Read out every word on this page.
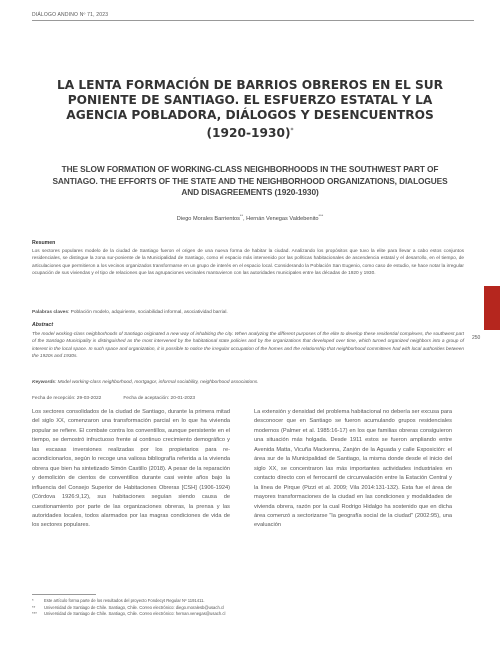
DIÁLOGO ANDINO Nº 71, 2023
LA LENTA FORMACIÓN DE BARRIOS OBREROS EN EL SUR PONIENTE DE SANTIAGO. EL ESFUERZO ESTATAL Y LA AGENCIA POBLADORA, DIÁLOGOS Y DESENCUENTROS (1920-1930)*
THE SLOW FORMATION OF WORKING-CLASS NEIGHBORHOODS IN THE SOUTHWEST PART OF SANTIAGO. THE EFFORTS OF THE STATE AND THE NEIGHBORHOOD ORGANIZATIONS, DIALOGUES AND DISAGREEMENTS (1920-1930)
Diego Morales Barrientos**, Hernán Venegas Valdebenito***
Resumen
Los sectores populares modelo de la ciudad de Santiago fueron el origen de una nueva forma de habitar la ciudad. Analizando los propósitos que tuvo la elite para llevar a cabo estos conjuntos residenciales, se distingue la zona sur-poniente de la Municipalidad de Santiago, como el espacio más intervenido por las políticas habitacionales de ascendencia estatal y el desarrollo, en el tiempo, de articulaciones que permitieron a los vecinos organizados transformarse en un grupo de interés en el espacio local. Considerando la Población San Eugenio, como caso de estudio, se hace notar la irregular ocupación de sus viviendas y el tipo de relaciones que las agrupaciones vecinales mantuvieron con las autoridades municipales entre las décadas de 1920 y 1930.
Palabras claves: Población modelo, adquiriente, sociabilidad informal, asociatividad barrial.
Abstract
The model working-class neighborhoods of Santiago originated a new way of inhabiting the city. When analyzing the different purposes of the elite to develop these residential complexes, the southwest part of the Santiago Municipality is distinguished as the most intervened by the habitational state policies and by the organizations that developed over time, which turned organized neighbors into a group of interest in the local space. In such space and organization, it is possible to notice the irregular occupation of the homes and the relationship that neighborhood committees had with local authorities between the 1920s and 1930s.
Keywords: Model working-class neighborhood, mortgagor, informal sociability, neighborhood associations.
Fecha de recepción: 29-03-2022	Fecha de aceptación: 20-01-2023
250
Los sectores consolidados de la ciudad de Santiago, durante la primera mitad del siglo XX, comenzaron una transformación parcial en lo que ha vivienda popular se refiere. El combate contra los conventillos, aunque persistente en el tiempo, se demostró infructuoso frente al continuo crecimiento demográfico y las escasas inversiones realizadas por los propietarios para re-acondicionarlos, según lo recoge una valiosa bibliografía referida a la vivienda obrera que bien ha sintetizado Simón Castillo (2018). A pesar de la reparación y demolición de cientos de conventillos durante casi veinte años bajo la influencia del Consejo Superior de Habitaciones Obreras [CSH] (1906-1924) (Córdova 1926:9,12), sus habitaciones seguían siendo causa de cuestionamiento por parte de las organizaciones obreras, la prensa y las autoridades locales, todos alarmados por las magras condiciones de vida de los sectores populares.
La extensión y densidad del problema habitacional no debería ser excusa para desconocer que en Santiago se fueron acumulando grupos residenciales modernos (Palmer et al. 1985:16-17) en los que familias obreras consiguieron una situación más holgada. Desde 1911 estos se fueron ampliando entre Avenida Matta, Vicuña Mackenna, Zanjón de la Aguada y calle Exposición: el área sur de la Municipalidad de Santiago, la misma donde desde el inicio del siglo XX, se concentraron las más importantes actividades industriales en contacto directo con el ferrocarril de circunvalación entre la Estación Central y la línea de Pirque (Pizzi et al. 2009; Vila 2014:131-132). Esta fue el área de mayores transformaciones de la ciudad en las condiciones y modalidades de vivienda obrera, razón por la cual Rodrigo Hidalgo ha sostenido que en dicha área comenzó a sectorizarse "la geografía social de la ciudad" (2002:95), una evaluación
*	Este artículo forma parte de los resultados del proyecto Fondecyt Regular Nº 1191411.
**	Universidad de Santiago de Chile. Santiago, Chile. Correo electrónico: diego.moralesb@usach.cl
***	Universidad de Santiago de Chile. Santiago, Chile. Correo electrónico: hernan.venegas@usach.cl
